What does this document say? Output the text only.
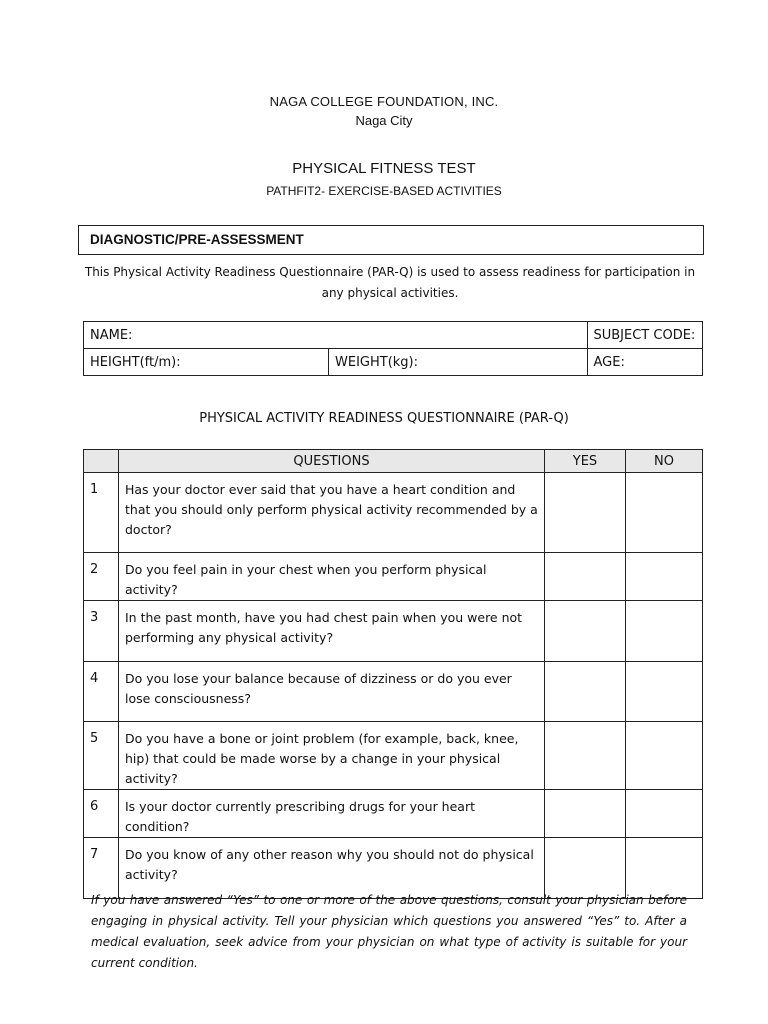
NAGA COLLEGE FOUNDATION, INC.
Naga City
PHYSICAL FITNESS TEST
PATHFIT2- EXERCISE-BASED ACTIVITIES
DIAGNOSTIC/PRE-ASSESSMENT
This Physical Activity Readiness Questionnaire (PAR-Q) is used to assess readiness for participation in any physical activities.
NAME:		SUBJECT CODE:
HEIGHT(ft/m):	WEIGHT(kg):	AGE:
PHYSICAL ACTIVITY READINESS QUESTIONNAIRE (PAR-Q)
	QUESTIONS	YES	NO
1	Has your doctor ever said that you have a heart condition and that you should only perform physical activity recommended by a doctor?		
2	Do you feel pain in your chest when you perform physical activity?		
3	In the past month, have you had chest pain when you were not performing any physical activity?		
4	Do you lose your balance because of dizziness or do you ever lose consciousness?		
5	Do you have a bone or joint problem (for example, back, knee, hip) that could be made worse by a change in your physical activity?		
6	Is your doctor currently prescribing drugs for your heart condition?		
7	Do you know of any other reason why you should not do physical activity?		
If you have answered “Yes” to one or more of the above questions, consult your physician before engaging in physical activity. Tell your physician which questions you answered “Yes” to. After a medical evaluation, seek advice from your physician on what type of activity is suitable for your current condition.
